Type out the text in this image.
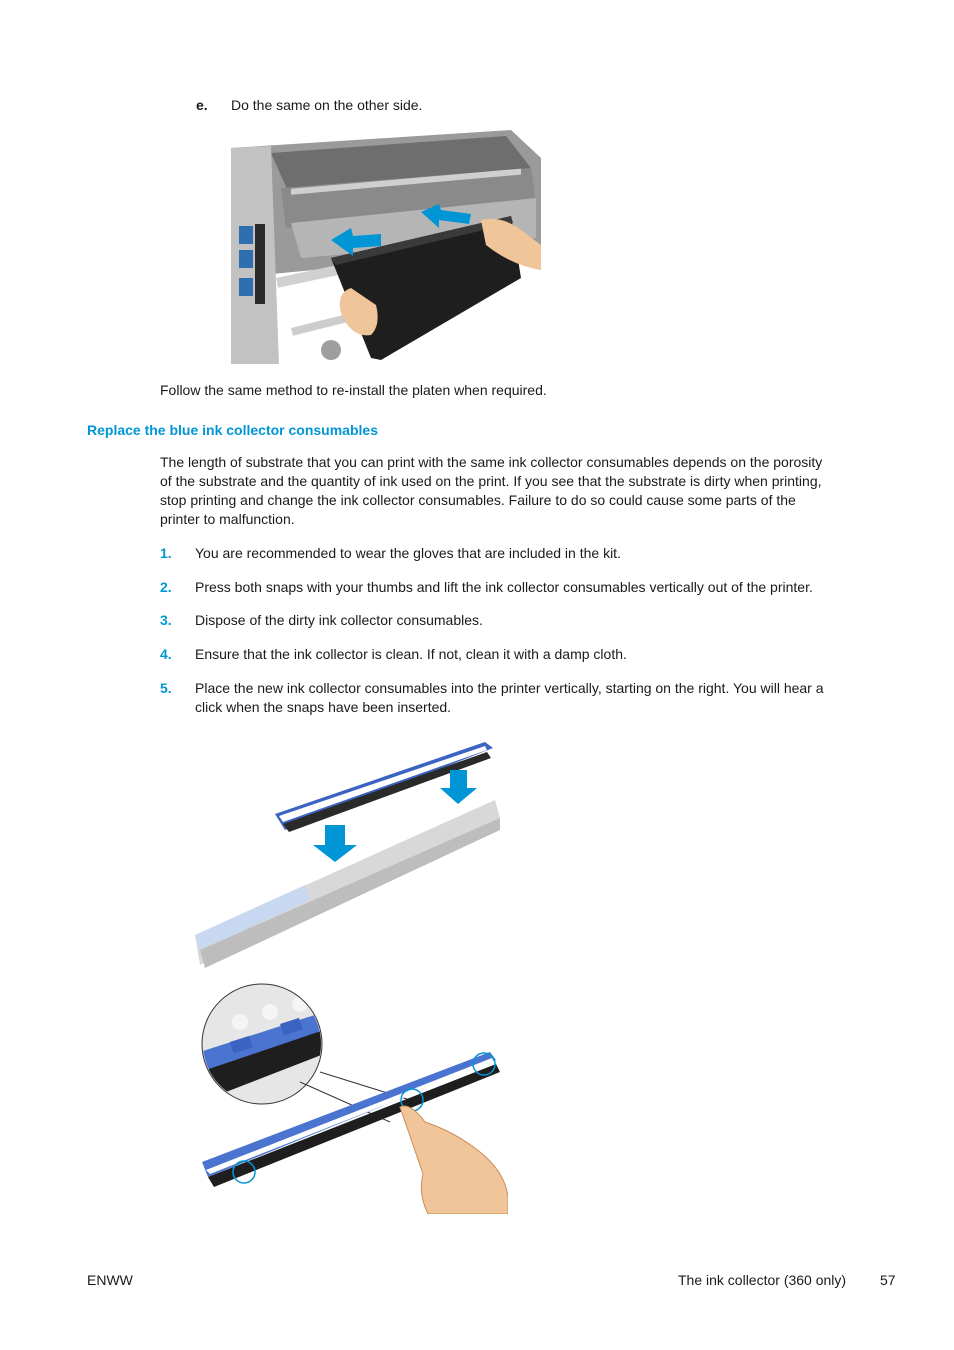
e. Do the same on the other side.
Follow the same method to re-install the platen when required.
Replace the blue ink collector consumables
The length of substrate that you can print with the same ink collector consumables depends on the porosity
of the substrate and the quantity of ink used on the print. If you see that the substrate is dirty when printing,
stop printing and change the ink collector consumables. Failure to do so could cause some parts of the
printer to malfunction.
1. You are recommended to wear the gloves that are included in the kit.
2. Press both snaps with your thumbs and lift the ink collector consumables vertically out of the printer.
3. Dispose of the dirty ink collector consumables.
4. Ensure that the ink collector is clean. If not, clean it with a damp cloth.
5. Place the new ink collector consumables into the printer vertically, starting on the right. You will hear a
click when the snaps have been inserted.
ENWW	The ink collector (360 only) 57
